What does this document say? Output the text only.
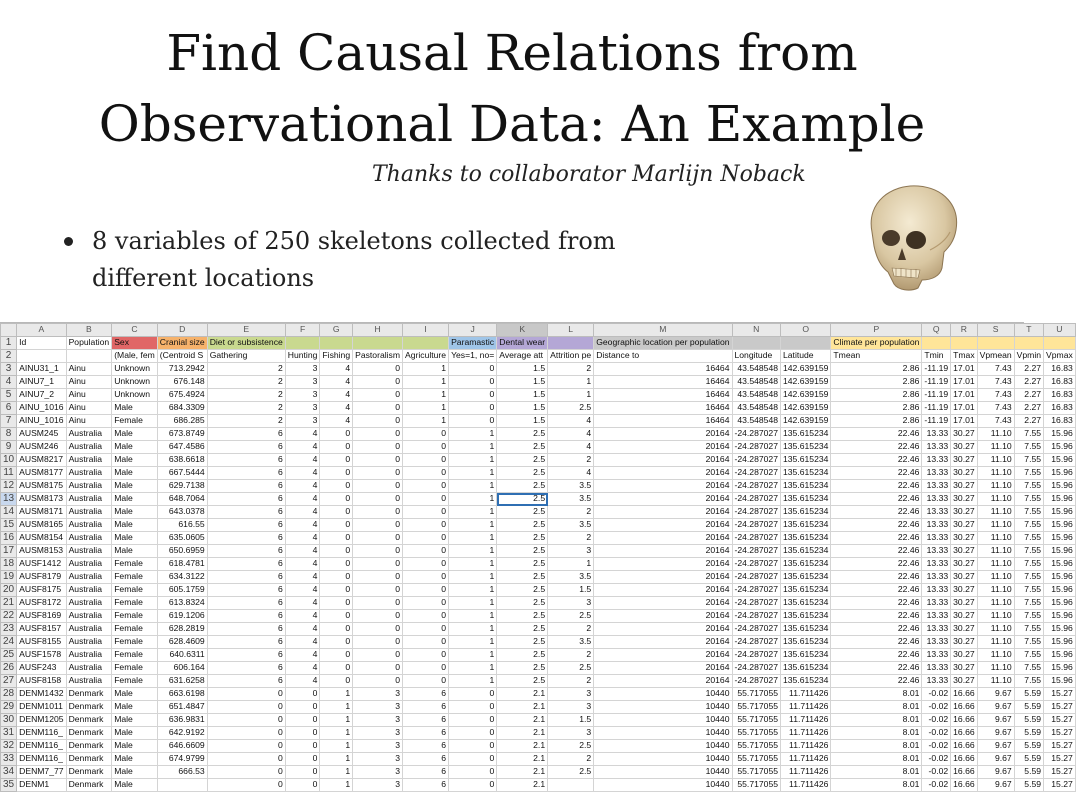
Find Causal Relations from
Observational Data: An Example
Thanks to collaborator Marlijn Noback
8 variables of 250 skeletons collected from different locations
	A	B	C	D	E	F	G	H	I	J	K	L	M	N	O	P	Q	R	S	T	U
1	Id	Population	Sex	Cranial size	Diet or subsistence					Paramastic	Dental wear		Geographic location per population			Climate per population					
2			(Male, fem	(Centroid S	Gathering	Hunting	Fishing	Pastoralism	Agriculture	Yes=1, no=	Average att	Attrition pe	Distance to	Longitude	Latitude	Tmean	Tmin	Tmax	Vpmean	Vpmin	Vpmax
3	AINU31_1	Ainu	Unknown	713.2942	2	3	4	0	1	0	1.5	2	16464	43.548548	142.639159	2.86	-11.19	17.01	7.43	2.27	16.83
4	AINU7_1	Ainu	Unknown	676.148	2	3	4	0	1	0	1.5	1	16464	43.548548	142.639159	2.86	-11.19	17.01	7.43	2.27	16.83
5	AINU7_2	Ainu	Unknown	675.4924	2	3	4	0	1	0	1.5	1	16464	43.548548	142.639159	2.86	-11.19	17.01	7.43	2.27	16.83
6	AINU_1016	Ainu	Male	684.3309	2	3	4	0	1	0	1.5	2.5	16464	43.548548	142.639159	2.86	-11.19	17.01	7.43	2.27	16.83
7	AINU_1016	Ainu	Female	686.285	2	3	4	0	1	0	1.5	4	16464	43.548548	142.639159	2.86	-11.19	17.01	7.43	2.27	16.83
8	AUSM245	Australia	Male	673.8749	6	4	0	0	0	1	2.5	4	20164	-24.287027	135.615234	22.46	13.33	30.27	11.10	7.55	15.96
9	AUSM246	Australia	Male	647.4586	6	4	0	0	0	1	2.5	4	20164	-24.287027	135.615234	22.46	13.33	30.27	11.10	7.55	15.96
10	AUSM8217	Australia	Male	638.6618	6	4	0	0	0	1	2.5	2	20164	-24.287027	135.615234	22.46	13.33	30.27	11.10	7.55	15.96
11	AUSM8177	Australia	Male	667.5444	6	4	0	0	0	1	2.5	4	20164	-24.287027	135.615234	22.46	13.33	30.27	11.10	7.55	15.96
12	AUSM8175	Australia	Male	629.7138	6	4	0	0	0	1	2.5	3.5	20164	-24.287027	135.615234	22.46	13.33	30.27	11.10	7.55	15.96
13	AUSM8173	Australia	Male	648.7064	6	4	0	0	0	1	2.5	3.5	20164	-24.287027	135.615234	22.46	13.33	30.27	11.10	7.55	15.96
14	AUSM8171	Australia	Male	643.0378	6	4	0	0	0	1	2.5	2	20164	-24.287027	135.615234	22.46	13.33	30.27	11.10	7.55	15.96
15	AUSM8165	Australia	Male	616.55	6	4	0	0	0	1	2.5	3.5	20164	-24.287027	135.615234	22.46	13.33	30.27	11.10	7.55	15.96
16	AUSM8154	Australia	Male	635.0605	6	4	0	0	0	1	2.5	2	20164	-24.287027	135.615234	22.46	13.33	30.27	11.10	7.55	15.96
17	AUSM8153	Australia	Male	650.6959	6	4	0	0	0	1	2.5	3	20164	-24.287027	135.615234	22.46	13.33	30.27	11.10	7.55	15.96
18	AUSF1412	Australia	Female	618.4781	6	4	0	0	0	1	2.5	1	20164	-24.287027	135.615234	22.46	13.33	30.27	11.10	7.55	15.96
19	AUSF8179	Australia	Female	634.3122	6	4	0	0	0	1	2.5	3.5	20164	-24.287027	135.615234	22.46	13.33	30.27	11.10	7.55	15.96
20	AUSF8175	Australia	Female	605.1759	6	4	0	0	0	1	2.5	1.5	20164	-24.287027	135.615234	22.46	13.33	30.27	11.10	7.55	15.96
21	AUSF8172	Australia	Female	613.8324	6	4	0	0	0	1	2.5	3	20164	-24.287027	135.615234	22.46	13.33	30.27	11.10	7.55	15.96
22	AUSF8169	Australia	Female	619.1206	6	4	0	0	0	1	2.5	2.5	20164	-24.287027	135.615234	22.46	13.33	30.27	11.10	7.55	15.96
23	AUSF8157	Australia	Female	628.2819	6	4	0	0	0	1	2.5	2	20164	-24.287027	135.615234	22.46	13.33	30.27	11.10	7.55	15.96
24	AUSF8155	Australia	Female	628.4609	6	4	0	0	0	1	2.5	3.5	20164	-24.287027	135.615234	22.46	13.33	30.27	11.10	7.55	15.96
25	AUSF1578	Australia	Female	640.6311	6	4	0	0	0	1	2.5	2	20164	-24.287027	135.615234	22.46	13.33	30.27	11.10	7.55	15.96
26	AUSF243	Australia	Female	606.164	6	4	0	0	0	1	2.5	2.5	20164	-24.287027	135.615234	22.46	13.33	30.27	11.10	7.55	15.96
27	AUSF8158	Australia	Female	631.6258	6	4	0	0	0	1	2.5	2	20164	-24.287027	135.615234	22.46	13.33	30.27	11.10	7.55	15.96
28	DENM1432	Denmark	Male	663.6198	0	0	1	3	6	0	2.1	3	10440	55.717055	11.711426	8.01	-0.02	16.66	9.67	5.59	15.27
29	DENM1011	Denmark	Male	651.4847	0	0	1	3	6	0	2.1	3	10440	55.717055	11.711426	8.01	-0.02	16.66	9.67	5.59	15.27
30	DENM1205	Denmark	Male	636.9831	0	0	1	3	6	0	2.1	1.5	10440	55.717055	11.711426	8.01	-0.02	16.66	9.67	5.59	15.27
31	DENM116_	Denmark	Male	642.9192	0	0	1	3	6	0	2.1	3	10440	55.717055	11.711426	8.01	-0.02	16.66	9.67	5.59	15.27
32	DENM116_	Denmark	Male	646.6609	0	0	1	3	6	0	2.1	2.5	10440	55.717055	11.711426	8.01	-0.02	16.66	9.67	5.59	15.27
33	DENM116_	Denmark	Male	674.9799	0	0	1	3	6	0	2.1	2	10440	55.717055	11.711426	8.01	-0.02	16.66	9.67	5.59	15.27
34	DENM7_77	Denmark	Male	666.53	0	0	1	3	6	0	2.1	2.5	10440	55.717055	11.711426	8.01	-0.02	16.66	9.67	5.59	15.27
35	DENM1	Denmark	Male		0	0	1	3	6	0	2.1		10440	55.717055	11.711426	8.01	-0.02	16.66	9.67	5.59	15.27
